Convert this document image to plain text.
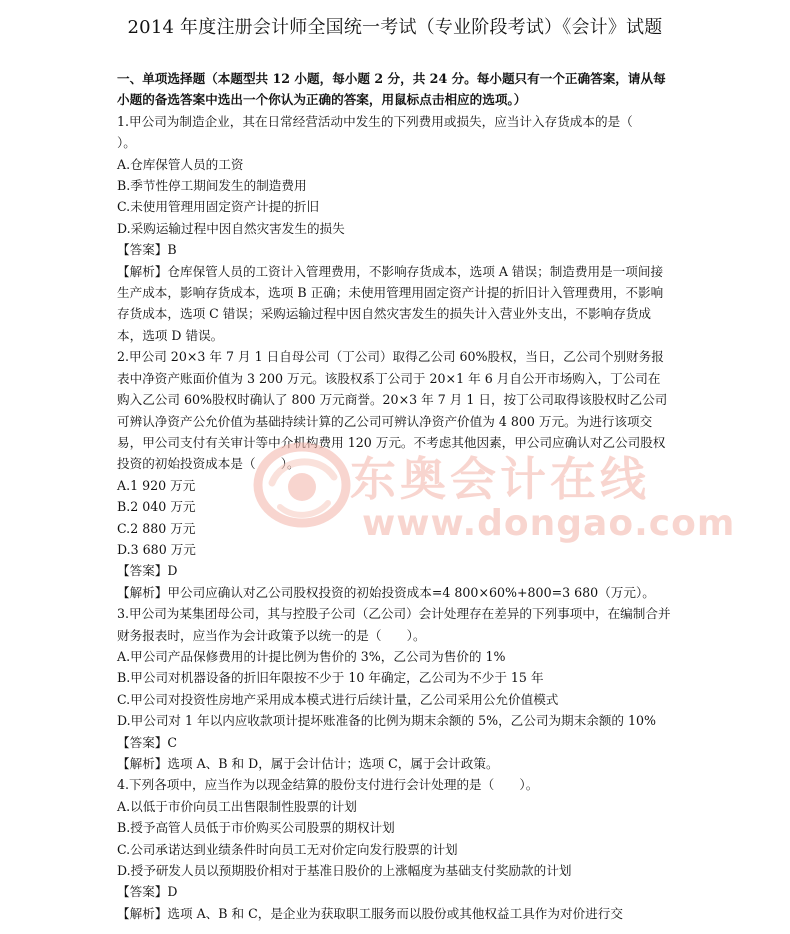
2014 年度注册会计师全国统一考试（专业阶段考试）《会计》试题

一、单项选择题（本题型共 12 小题，每小题 2 分，共 24 分。每小题只有一个正确答案，请从每小题的备选答案中选出一个你认为正确的答案，用鼠标点击相应的选项。）

1.甲公司为制造企业，其在日常经营活动中发生的下列费用或损失，应当计入存货成本的是（　　）。

A.仓库保管人员的工资

B.季节性停工期间发生的制造费用

C.未使用管理用固定资产计提的折旧

D.采购运输过程中因自然灾害发生的损失

【答案】B

【解析】仓库保管人员的工资计入管理费用，不影响存货成本，选项 A 错误；制造费用是一项间接生产成本，影响存货成本，选项 B 正确；未使用管理用固定资产计提的折旧计入管理费用，不影响存货成本，选项 C 错误；采购运输过程中因自然灾害发生的损失计入营业外支出，不影响存货成本，选项 D 错误。

2.甲公司 20×3 年 7 月 1 日自母公司（丁公司）取得乙公司 60%股权，当日，乙公司个别财务报表中净资产账面价值为 3 200 万元。该股权系丁公司于 20×1 年 6 月自公开市场购入，丁公司在购入乙公司 60%股权时确认了 800 万元商誉。20×3 年 7 月 1 日，按丁公司取得该股权时乙公司可辨认净资产公允价值为基础持续计算的乙公司可辨认净资产价值为 4 800 万元。为进行该项交易，甲公司支付有关审计等中介机构费用 120 万元。不考虑其他因素，甲公司应确认对乙公司股权投资的初始投资成本是（　　）。

A.1 920 万元

B.2 040 万元

C.2 880 万元

D.3 680 万元

【答案】D

【解析】甲公司应确认对乙公司股权投资的初始投资成本=4 800×60%+800=3 680（万元）。

3.甲公司为某集团母公司，其与控股子公司（乙公司）会计处理存在差异的下列事项中，在编制合并财务报表时，应当作为会计政策予以统一的是（　　）。

A.甲公司产品保修费用的计提比例为售价的 3%，乙公司为售价的 1%

B.甲公司对机器设备的折旧年限按不少于 10 年确定，乙公司为不少于 15 年

C.甲公司对投资性房地产采用成本模式进行后续计量，乙公司采用公允价值模式

D.甲公司对 1 年以内应收款项计提坏账准备的比例为期末余额的 5%，乙公司为期末余额的 10%

【答案】C

【解析】选项 A、B 和 D，属于会计估计；选项 C，属于会计政策。

4.下列各项中，应当作为以现金结算的股份支付进行会计处理的是（　　）。

A.以低于市价向员工出售限制性股票的计划

B.授予高管人员低于市价购买公司股票的期权计划

C.公司承诺达到业绩条件时向员工无对价定向发行股票的计划

D.授予研发人员以预期股价相对于基准日股价的上涨幅度为基础支付奖励款的计划

【答案】D

【解析】选项 A、B 和 C，是企业为获取职工服务而以股份或其他权益工具作为对价进行交

东奥会计在线
www.dongao.com
